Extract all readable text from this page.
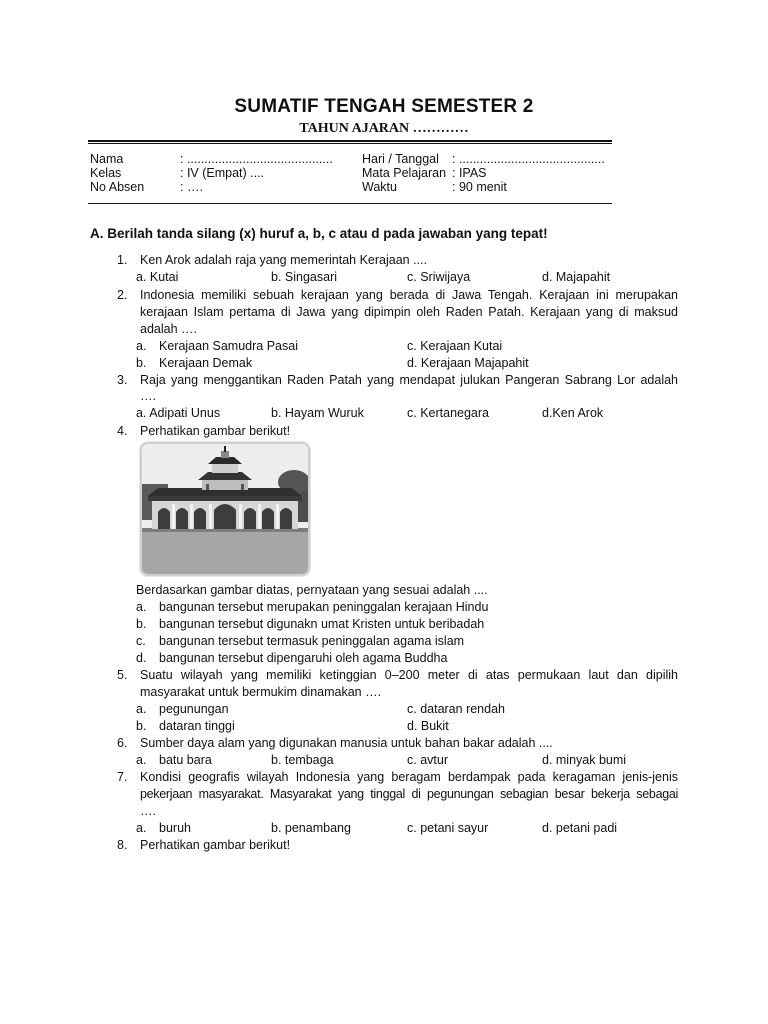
SUMATIF TENGAH SEMESTER 2
TAHUN AJARAN …………
Nama	: ..........................................
Kelas	: IV (Empat) ....
No Absen	: ….
Hari / Tanggal : ..........................................
Mata Pelajaran : IPAS
Waktu	: 90 menit
A. Berilah tanda silang (x) huruf a, b, c atau d pada jawaban yang tepat!
1. Ken Arok adalah raja yang memerintah Kerajaan ....
a. Kutai	b. Singasari	c. Sriwijaya	d. Majapahit
2. Indonesia memiliki sebuah kerajaan yang berada di Jawa Tengah. Kerajaan ini merupakan
kerajaan Islam pertama di Jawa yang dipimpin oleh Raden Patah. Kerajaan yang di maksud
adalah ….
a. Kerajaan Samudra Pasai	c. Kerajaan Kutai
b. Kerajaan Demak	d. Kerajaan Majapahit
3. Raja yang menggantikan Raden Patah yang mendapat julukan Pangeran Sabrang Lor adalah
….
a. Adipati Unus	b. Hayam Wuruk	c. Kertanegara	d.Ken Arok
4. Perhatikan gambar berikut!
Berdasarkan gambar diatas, pernyataan yang sesuai adalah ....
a. bangunan tersebut merupakan peninggalan kerajaan Hindu
b. bangunan tersebut digunakn umat Kristen untuk beribadah
c. bangunan tersebut termasuk peninggalan agama islam
d. bangunan tersebut dipengaruhi oleh agama Buddha
5. Suatu wilayah yang memiliki ketinggian 0–200 meter di atas permukaan laut dan dipilih
masyarakat untuk bermukim dinamakan ….
a. pegunungan	c. dataran rendah
b. dataran tinggi	d. Bukit
6. Sumber daya alam yang digunakan manusia untuk bahan bakar adalah ....
a. batu bara	b. tembaga	c. avtur	d. minyak bumi
7. Kondisi geografis wilayah Indonesia yang beragam berdampak pada keragaman jenis-jenis
pekerjaan masyarakat. Masyarakat yang tinggal di pegunungan sebagian besar bekerja sebagai
….
a. buruh	b. penambang	c. petani sayur	d. petani padi
8. Perhatikan gambar berikut!
